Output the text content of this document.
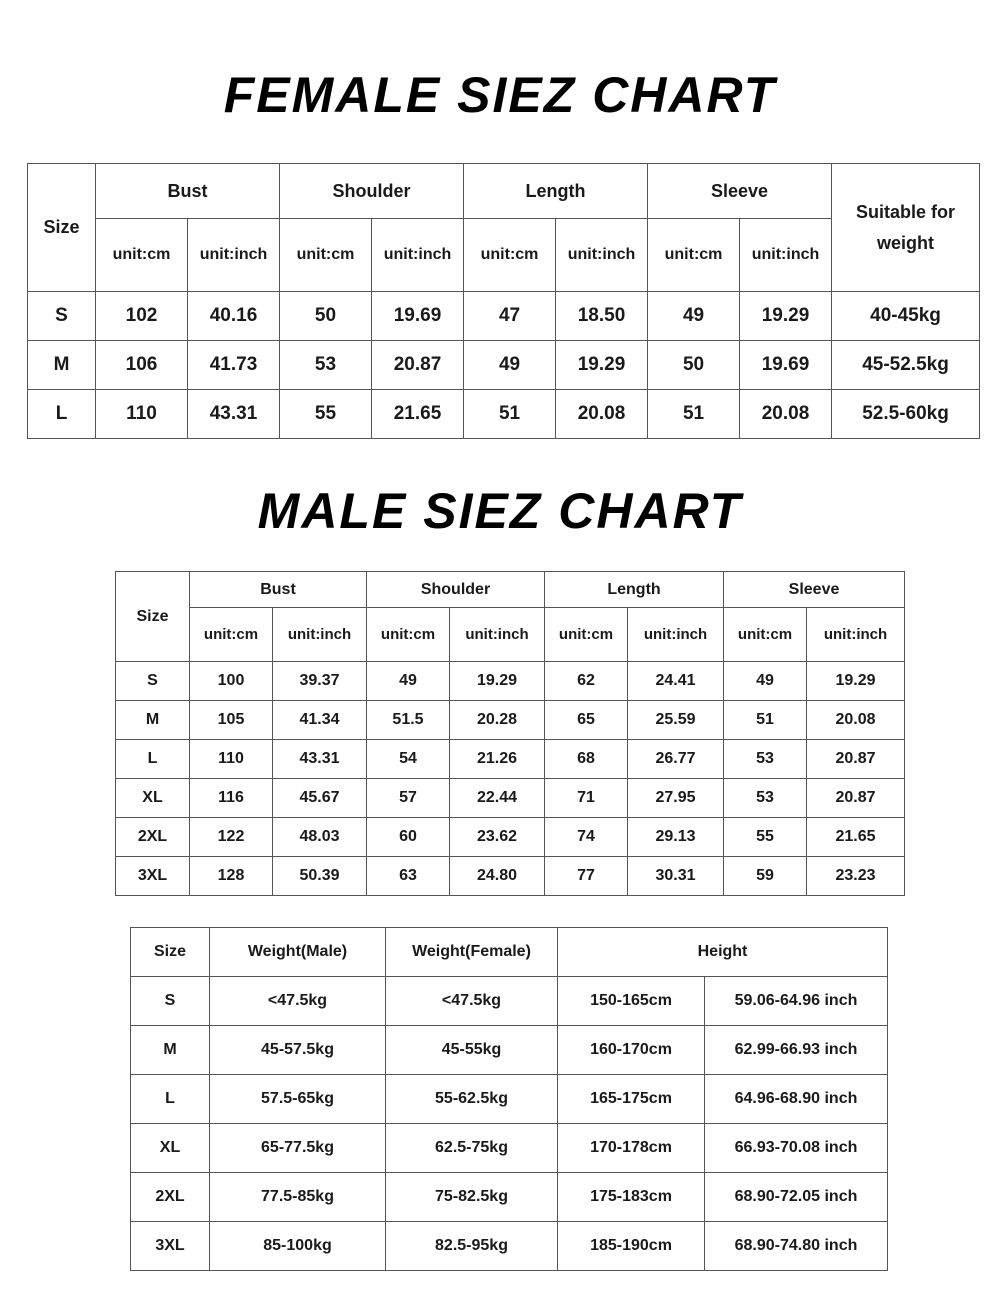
FEMALE SIEZ CHART
Size	Bust		Shoulder		Length		Sleeve		Suitable for weight
	unit:cm	unit:inch	unit:cm	unit:inch	unit:cm	unit:inch	unit:cm	unit:inch	
S	102	40.16	50	19.69	47	18.50	49	19.29	40-45kg
M	106	41.73	53	20.87	49	19.29	50	19.69	45-52.5kg
L	110	43.31	55	21.65	51	20.08	51	20.08	52.5-60kg
MALE SIEZ CHART
Size	Bust		Shoulder		Length		Sleeve	
	unit:cm	unit:inch	unit:cm	unit:inch	unit:cm	unit:inch	unit:cm	unit:inch
S	100	39.37	49	19.29	62	24.41	49	19.29
M	105	41.34	51.5	20.28	65	25.59	51	20.08
L	110	43.31	54	21.26	68	26.77	53	20.87
XL	116	45.67	57	22.44	71	27.95	53	20.87
2XL	122	48.03	60	23.62	74	29.13	55	21.65
3XL	128	50.39	63	24.80	77	30.31	59	23.23
Size	Weight(Male)	Weight(Female)	Height	
S	<47.5kg	<47.5kg	150-165cm	59.06-64.96 inch
M	45-57.5kg	45-55kg	160-170cm	62.99-66.93 inch
L	57.5-65kg	55-62.5kg	165-175cm	64.96-68.90 inch
XL	65-77.5kg	62.5-75kg	170-178cm	66.93-70.08 inch
2XL	77.5-85kg	75-82.5kg	175-183cm	68.90-72.05 inch
3XL	85-100kg	82.5-95kg	185-190cm	68.90-74.80 inch
